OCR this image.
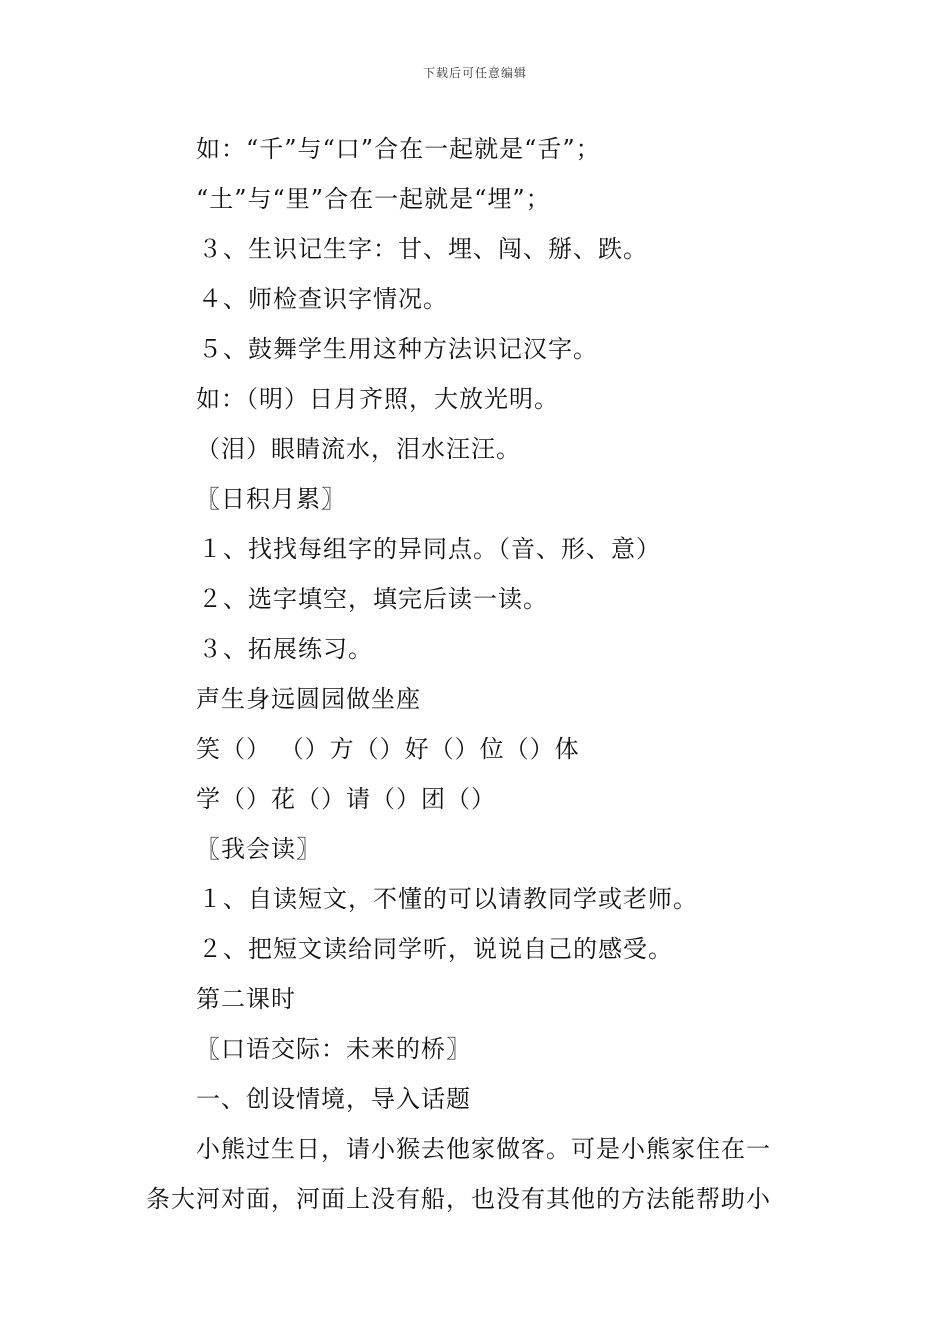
下载后可任意编辑
如：“千”与“口”合在一起就是“舌”；
“土”与“里”合在一起就是“埋”；
３、生识记生字：甘、埋、闯、掰、跌。
４、师检查识字情况。
５、鼓舞学生用这种方法识记汉字。
如：（明）日月齐照，大放光明。
（泪）眼睛流水，泪水汪汪。
〖日积月累〗
１、找找每组字的异同点。（音、形、意）
２、选字填空，填完后读一读。
３、拓展练习。
声生身远圆园做坐座
笑（） （）方（）好（）位（）体
学（）花（）请（）团（）
〖我会读〗
１、自读短文，不懂的可以请教同学或老师。
２、把短文读给同学听，说说自己的感受。
第二课时
〖口语交际：未来的桥〗
一、创设情境，导入话题
小熊过生日，请小猴去他家做客。可是小熊家住在一
条大河对面，河面上没有船，也没有其他的方法能帮助小
